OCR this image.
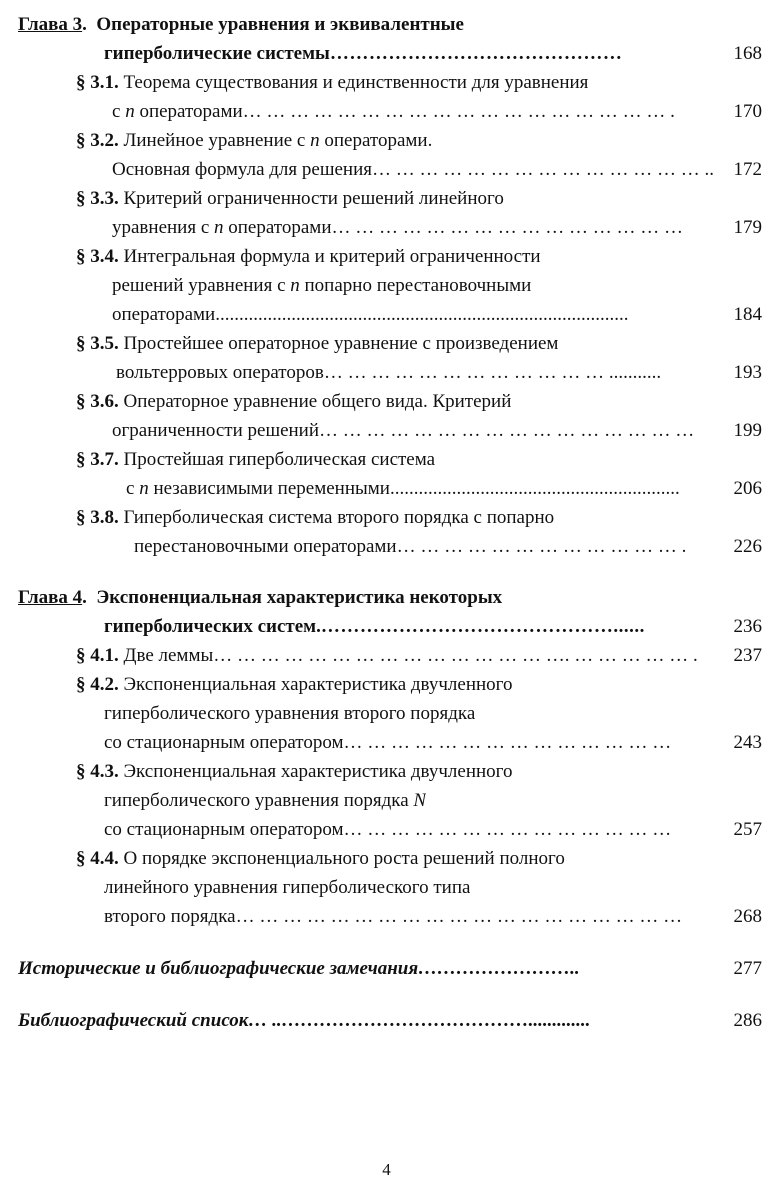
Глава 3.  Операторные уравнения и эквивалентные
гиперболические системы………………………………………	168
§ 3.1. Теорема существования и единственности для уравнения
с n операторами… … … … … … … … … … … … … … … … … … .	170
§ 3.2. Линейное уравнение с n операторами.
Основная формула для решения… … … … … … … … … … … … … … .. 172
§ 3.3. Критерий ограниченности решений линейного
уравнения с n операторами… … … … … … … … … … … … … … …	179
§ 3.4. Интегральная формула и критерий ограниченности
решений уравнения с n попарно перестановочными
операторами.......................................................................................	184
§ 3.5. Простейшее операторное уравнение с произведением
вольтерровых операторов… … … … … … … … … … … … ...........	193
§ 3.6. Операторное уравнение общего вида. Критерий
ограниченности решений… … … … … … … … … … … … … … … … 199
§ 3.7. Простейшая гиперболическая система
с n независимыми переменными.............................................................	206
§ 3.8. Гиперболическая система второго порядка с попарно
перестановочными операторами… … … … … … … … … … … … . 226
Глава 4.  Экспоненциальная характеристика некоторых
гиперболических систем.………………………………………......	236
§ 4.1. Две леммы… … … … … … … … … … … … … … …. … … … … … . 237
§ 4.2. Экспоненциальная характеристика двучленного
гиперболического уравнения второго порядка
со стационарным оператором… … … … … … … … … … … … … …	243
§ 4.3. Экспоненциальная характеристика двучленного
гиперболического уравнения порядка N
со стационарным оператором… … … … … … … … … … … … … …	257
§ 4.4. О порядке экспоненциального роста решений полного
линейного уравнения гиперболического типа
второго порядка… … … … … … … … … … … … … … … … … … …	268
Исторические и библиографические замечания……………………..	277
Библиографический список… ..………………………………….............	286
4
